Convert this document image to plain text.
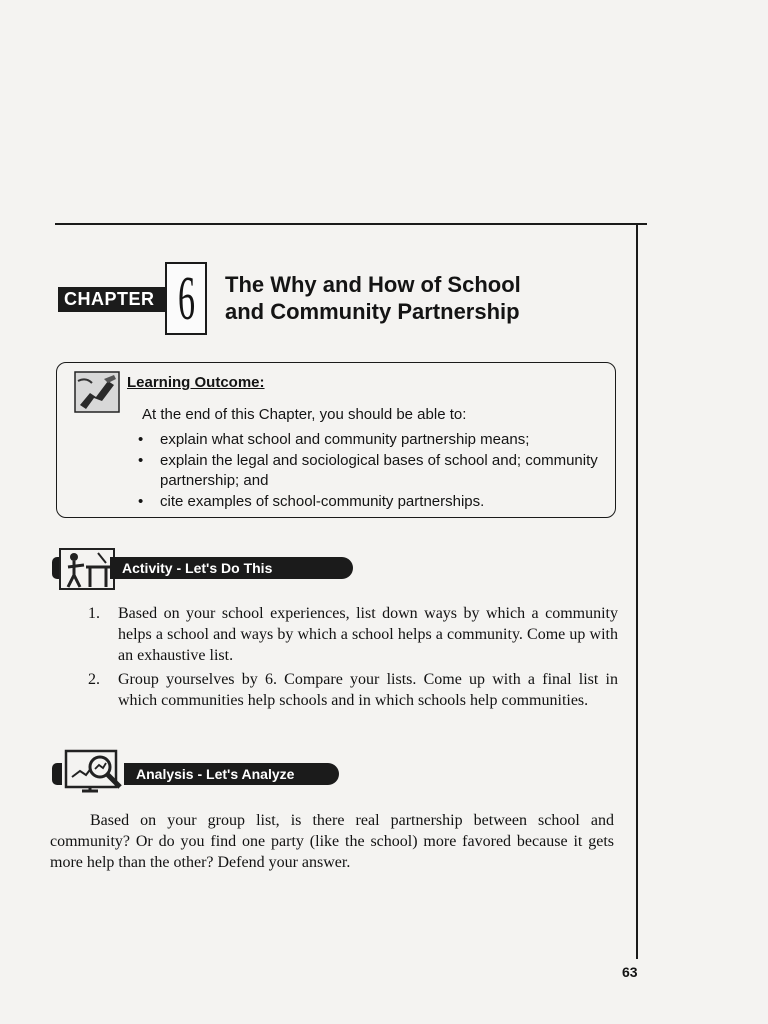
CHAPTER 6 The Why and How of School
and Community Partnership
Learning Outcome:
At the end of this Chapter, you should be able to:
• explain what school and community partnership means;
• explain the legal and sociological bases of school and; community partnership; and
• cite examples of school-community partnerships.
Activity - Let's Do This
1. Based on your school experiences, list down ways by which a community helps a school and ways by which a school helps a community. Come up with an exhaustive list.
2. Group yourselves by 6. Compare your lists. Come up with a final list in which communities help schools and in which schools help communities.
Analysis - Let's Analyze

Based on your group list, is there real partnership between school and community? Or do you find one party (like the school) more favored because it gets more help than the other? Defend your answer.

63
